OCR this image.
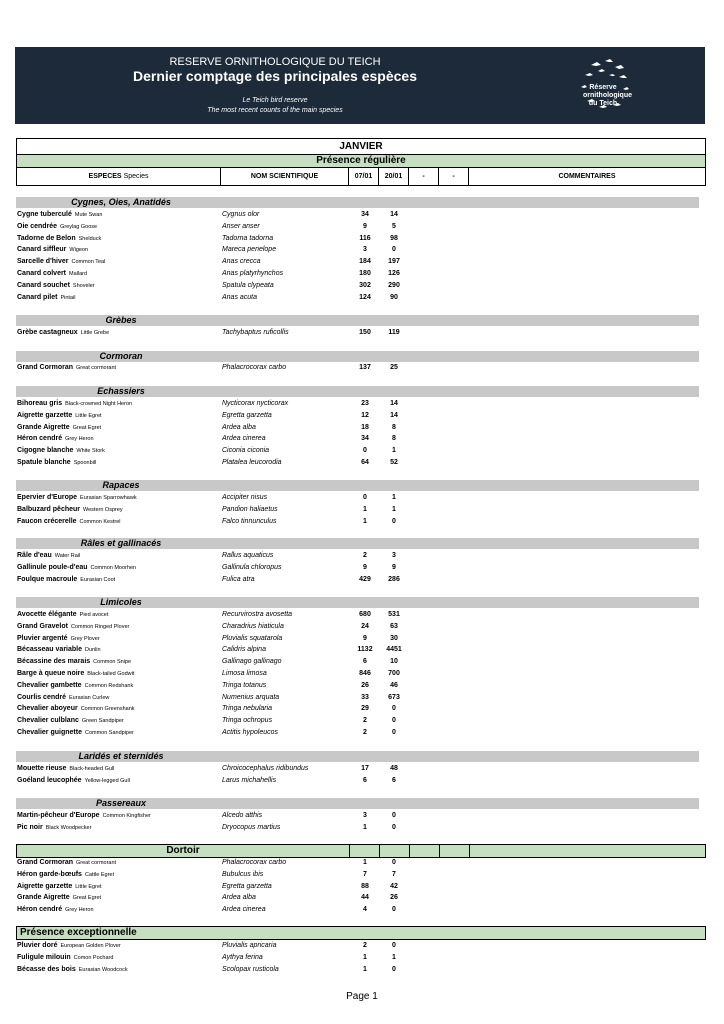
RESERVE ORNITHOLOGIQUE DU TEICH
Dernier comptage des principales espèces
Le Teich bird reserve
The most recent counts of the main species
Réserve
ornithologique
du Teich
JANVIER
Présence régulière
ESPECES Species	NOM SCIENTIFIQUE	07/01	20/01	-	-	COMMENTAIRES
Cygnes, Oies, Anatidés
Cygne tuberculé Mute Swan	Cygnus olor	34	14
Oie cendrée Greylag Goose	Anser anser	9	5
Tadorne de Belon Shelduck	Tadorna tadorna	116	98
Canard siffleur Wigeon	Mareca penelope	3	0
Sarcelle d'hiver Common Teal	Anas crecca	184	197
Canard colvert Mallard	Anas platyrhynchos	180	126
Canard souchet Shoveler	Spatula clypeata	302	290
Canard pilet Pintail	Anas acuta	124	90
Grèbes
Grèbe castagneux Little Grebe	Tachybaptus ruficollis	150	119
Cormoran
Grand Cormoran Great cormorant	Phalacrocorax carbo	137	25
Echassiers
Bihoreau gris Black-crowned Night Heron	Nycticorax nycticorax	23	14
Aigrette garzette Little Egret	Egretta garzetta	12	14
Grande Aigrette Great Egret	Ardea alba	18	8
Héron cendré Grey Heron	Ardea cinerea	34	8
Cigogne blanche White Stork	Ciconia ciconia	0	1
Spatule blanche Spoonbill	Platalea leucorodia	64	52
Rapaces
Epervier d'Europe Eurasian Sparrowhawk	Accipiter nisus	0	1
Balbuzard pêcheur Western Osprey	Pandion haliaetus	1	1
Faucon crécerelle Common Kestrel	Falco tinnunculus	1	0
Râles et gallinacés
Râle d'eau Water Rail	Rallus aquaticus	2	3
Gallinule poule-d'eau Common Moorhen	Gallinula chloropus	9	9
Foulque macroule Eurasian Coot	Fulica atra	429	286
Limicoles
Avocette élégante Pied avocet	Recurvirostra avosetta	680	531
Grand Gravelot Common Ringed Plover	Charadrius hiaticula	24	63
Pluvier argenté Grey Plover	Pluvialis squatarola	9	30
Bécasseau variable Dunlin	Calidris alpina	1132	4451
Bécassine des marais Common Snipe	Gallinago gallinago	6	10
Barge à queue noire Black-tailed Godwit	Limosa limosa	846	700
Chevalier gambette Common Redshank	Tringa totanus	26	46
Courlis cendré Eurasian Curlew	Numenius arquata	33	673
Chevalier aboyeur Common Greenshank	Tringa nebularia	29	0
Chevalier culblanc Green Sandpiper	Tringa ochropus	2	0
Chevalier guignette Common Sandpiper	Actitis hypoleucos	2	0
Laridés et sternidés
Mouette rieuse Black-headed Gull	Chroicocephalus ridibundus	17	48
Goéland leucophée Yellow-legged Gull	Larus michahellis	6	6
Passereaux
Martin-pêcheur d'Europe Common Kingfisher	Alcedo atthis	3	0
Pic noir Black Woodpecker	Dryocopus martius	1	0
Dortoir
Grand Cormoran Great cormorant	Phalacrocorax carbo	1	0
Héron garde-bœufs Cattle Egret	Bubulcus ibis	7	7
Aigrette garzette Little Egret	Egretta garzetta	88	42
Grande Aigrette Great Egret	Ardea alba	44	26
Héron cendré Grey Heron	Ardea cinerea	4	0
Présence exceptionnelle
Pluvier doré European Golden Plover	Pluvialis apricaria	2	0
Fuligule milouin Comon Pochard	Aythya ferina	1	1
Bécasse des bois Eurasian Woodcock	Scolopax rusticola	1	0
Page 1
